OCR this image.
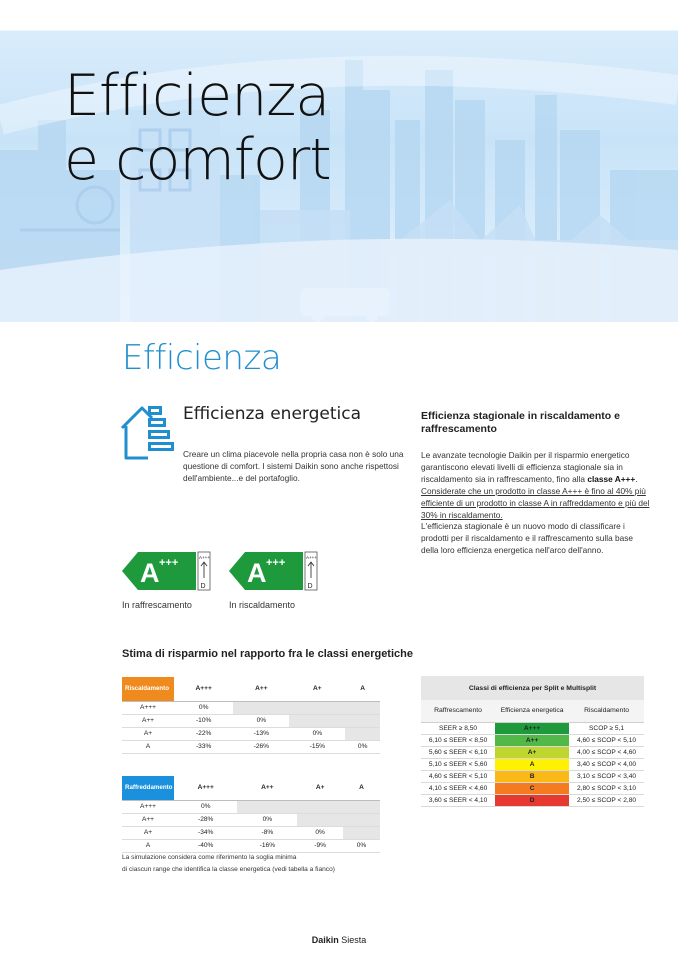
Efficienza
e comfort
Efficienza
Efficienza energetica
Creare un clima piacevole nella propria casa non è solo una questione di comfort. I sistemi Daikin sono anche rispettosi dell'ambiente...e del portafoglio.
Efficienza stagionale in riscaldamento e raffrescamento
Le avanzate tecnologie Daikin per il risparmio energetico garantiscono elevati livelli di efficienza stagionale sia in riscaldamento sia in raffrescamento, fino alla classe A+++. Considerate che un prodotto in classe A+++ è fino al 40% più efficiente di un prodotto in classe A in raffreddamento e più del 30% in riscaldamento.
L'efficienza stagionale è un nuovo modo di classificare i prodotti per il riscaldamento e il raffrescamento sulla base della loro efficienza energetica nell'arco dell'anno.
A +++	A+++
D
In raffrescamento
A +++	A+++
D
In riscaldamento
Stima di risparmio nel rapporto fra le classi energetiche
Riscaldamento	A+++	A++	A+	A
A+++	0%			
A++	-10%	0%		
A+	-22%	-13%	0%	
A	-33%	-26%	-15%	0%
Raffreddamento	A+++	A++	A+	A
A+++	0%			
A++	-28%	0%		
A+	-34%	-8%	0%	
A	-40%	-16%	-9%	0%
La simulazione considera come riferimento la soglia minima
di ciascun range che identifica la classe energetica (vedi tabella a fianco)
Classi di efficienza per Split e Multisplit		
Raffrescamento	Efficienza energetica	Riscaldamento
SEER ≥ 8,50	A+++	SCOP ≥ 5,1
6,10 ≤ SEER < 8,50	A++	4,60 ≤ SCOP < 5,10
5,60 ≤ SEER < 6,10	A+	4,00 ≤ SCOP < 4,60
5,10 ≤ SEER < 5,60	A	3,40 ≤ SCOP < 4,00
4,60 ≤ SEER < 5,10	B	3,10 ≤ SCOP < 3,40
4,10 ≤ SEER < 4,60	C	2,80 ≤ SCOP < 3,10
3,60 ≤ SEER < 4,10	D	2,50 ≤ SCOP < 2,80
Daikin Siesta
